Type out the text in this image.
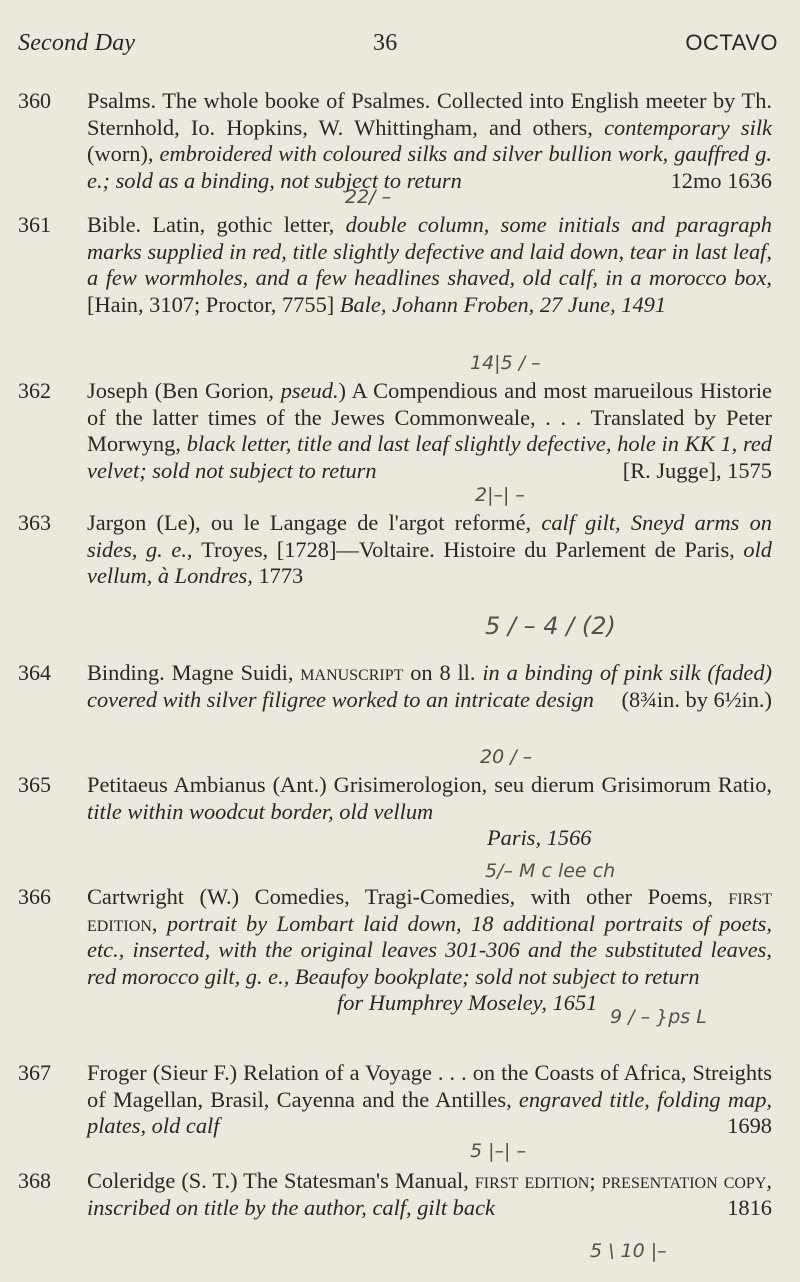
Second Day	36	OCTAVO
360 Psalms. The whole booke of Psalmes. Collected into English meeter by Th. Sternhold, Io. Hopkins, W. Whittingham, and others, contemporary silk (worn), embroidered with coloured silks and silver bullion work, gauffred g. e.; sold as a binding, not subject to return	12mo 1636
22/ –
361 Bible. Latin, gothic letter, double column, some initials and paragraph marks supplied in red, title slightly defective and laid down, tear in last leaf, a few wormholes, and a few headlines shaved, old calf, in a morocco box, [Hain, 3107; Proctor, 7755] Bale, Johann Froben, 27 June, 1491
14|5 / –
362 Joseph (Ben Gorion, pseud.) A Compendious and most marueilous Historie of the latter times of the Jewes Commonweale, . . . Translated by Peter Morwyng, black letter, title and last leaf slightly defective, hole in KK 1, red velvet; sold not subject to return	[R. Jugge], 1575
2|–| –
363 Jargon (Le), ou le Langage de l'argot reformé, calf gilt, Sneyd arms on sides, g. e., Troyes, [1728]—Voltaire. Histoire du Parlement de Paris, old vellum, à Londres, 1773
5 / – 4 / (2)
364 Binding. Magne Suidi, manuscript on 8 ll. in a binding of pink silk (faded) covered with silver filigree worked to an intricate design	(8¾in. by 6½in.)
20 / –
365 Petitaeus Ambianus (Ant.) Grisimerologion, seu dierum Grisimorum Ratio, title within woodcut border, old vellum
Paris, 1566
5/– M c lee ch
366 Cartwright (W.) Comedies, Tragi-Comedies, with other Poems, first edition, portrait by Lombart laid down, 18 additional portraits of poets, etc., inserted, with the original leaves 301-306 and the substituted leaves, red morocco gilt, g. e., Beaufoy bookplate; sold not subject to return
for Humphrey Moseley, 1651
9 / – }ps L
367 Froger (Sieur F.) Relation of a Voyage . . . on the Coasts of Africa, Streights of Magellan, Brasil, Cayenna and the Antilles, engraved title, folding map, plates, old calf	1698
5 |–| –
368 Coleridge (S. T.) The Statesman's Manual, first edition; presentation copy, inscribed on title by the author, calf, gilt back	1816
5 \ 10 |–
